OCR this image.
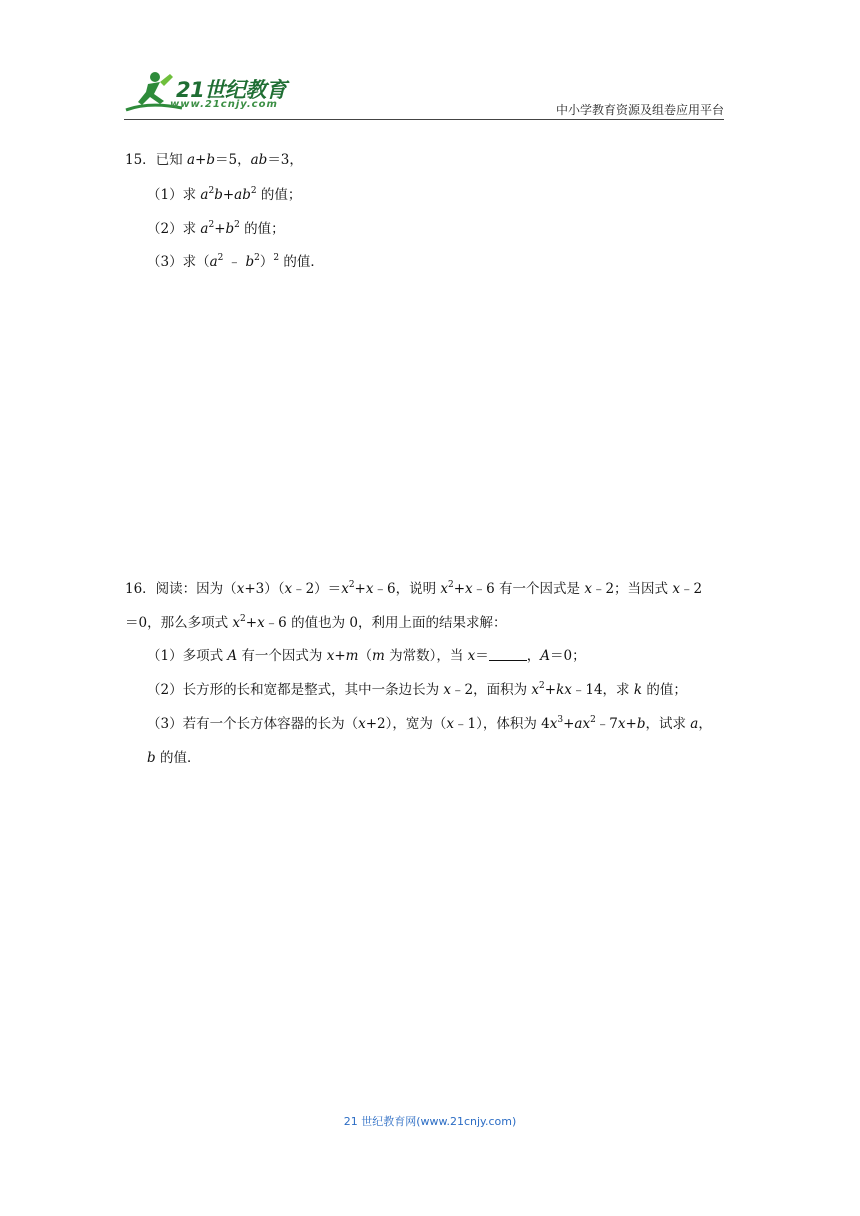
21世纪教育
www.21cnjy.com	中小学教育资源及组卷应用平台
15．已知 a+b＝5，ab＝3，
（1）求 $a^2b+ab^2$ 的值；
（2）求 $a^2+b^2$ 的值；
（3）求（$a^2$ ﹣ $b^2)^2$ 的值．
16．阅读：因为$(x+3)(x﹣2)=x^2+x﹣6$，说明 $x^2+x﹣6$ 有一个因式是 x﹣2；当因式 x﹣2
＝0，那么多项式 $x^2+x﹣6$ 的值也为 0，利用上面的结果求解：
（1）多项式 A 有一个因式为 x+m（m 为常数），当 x＝	，A＝0；
（2）长方形的长和宽都是整式，其中一条边长为 x﹣2，面积为 $x^2+kx﹣14$，求 k 的值；
（3）若有一个长方体容器的长为（x+2），宽为（x﹣1），体积为 $4x^3+ax^2﹣7x+b$，试求 a，
b 的值．
21 世纪教育网(www.21cnjy.com)
